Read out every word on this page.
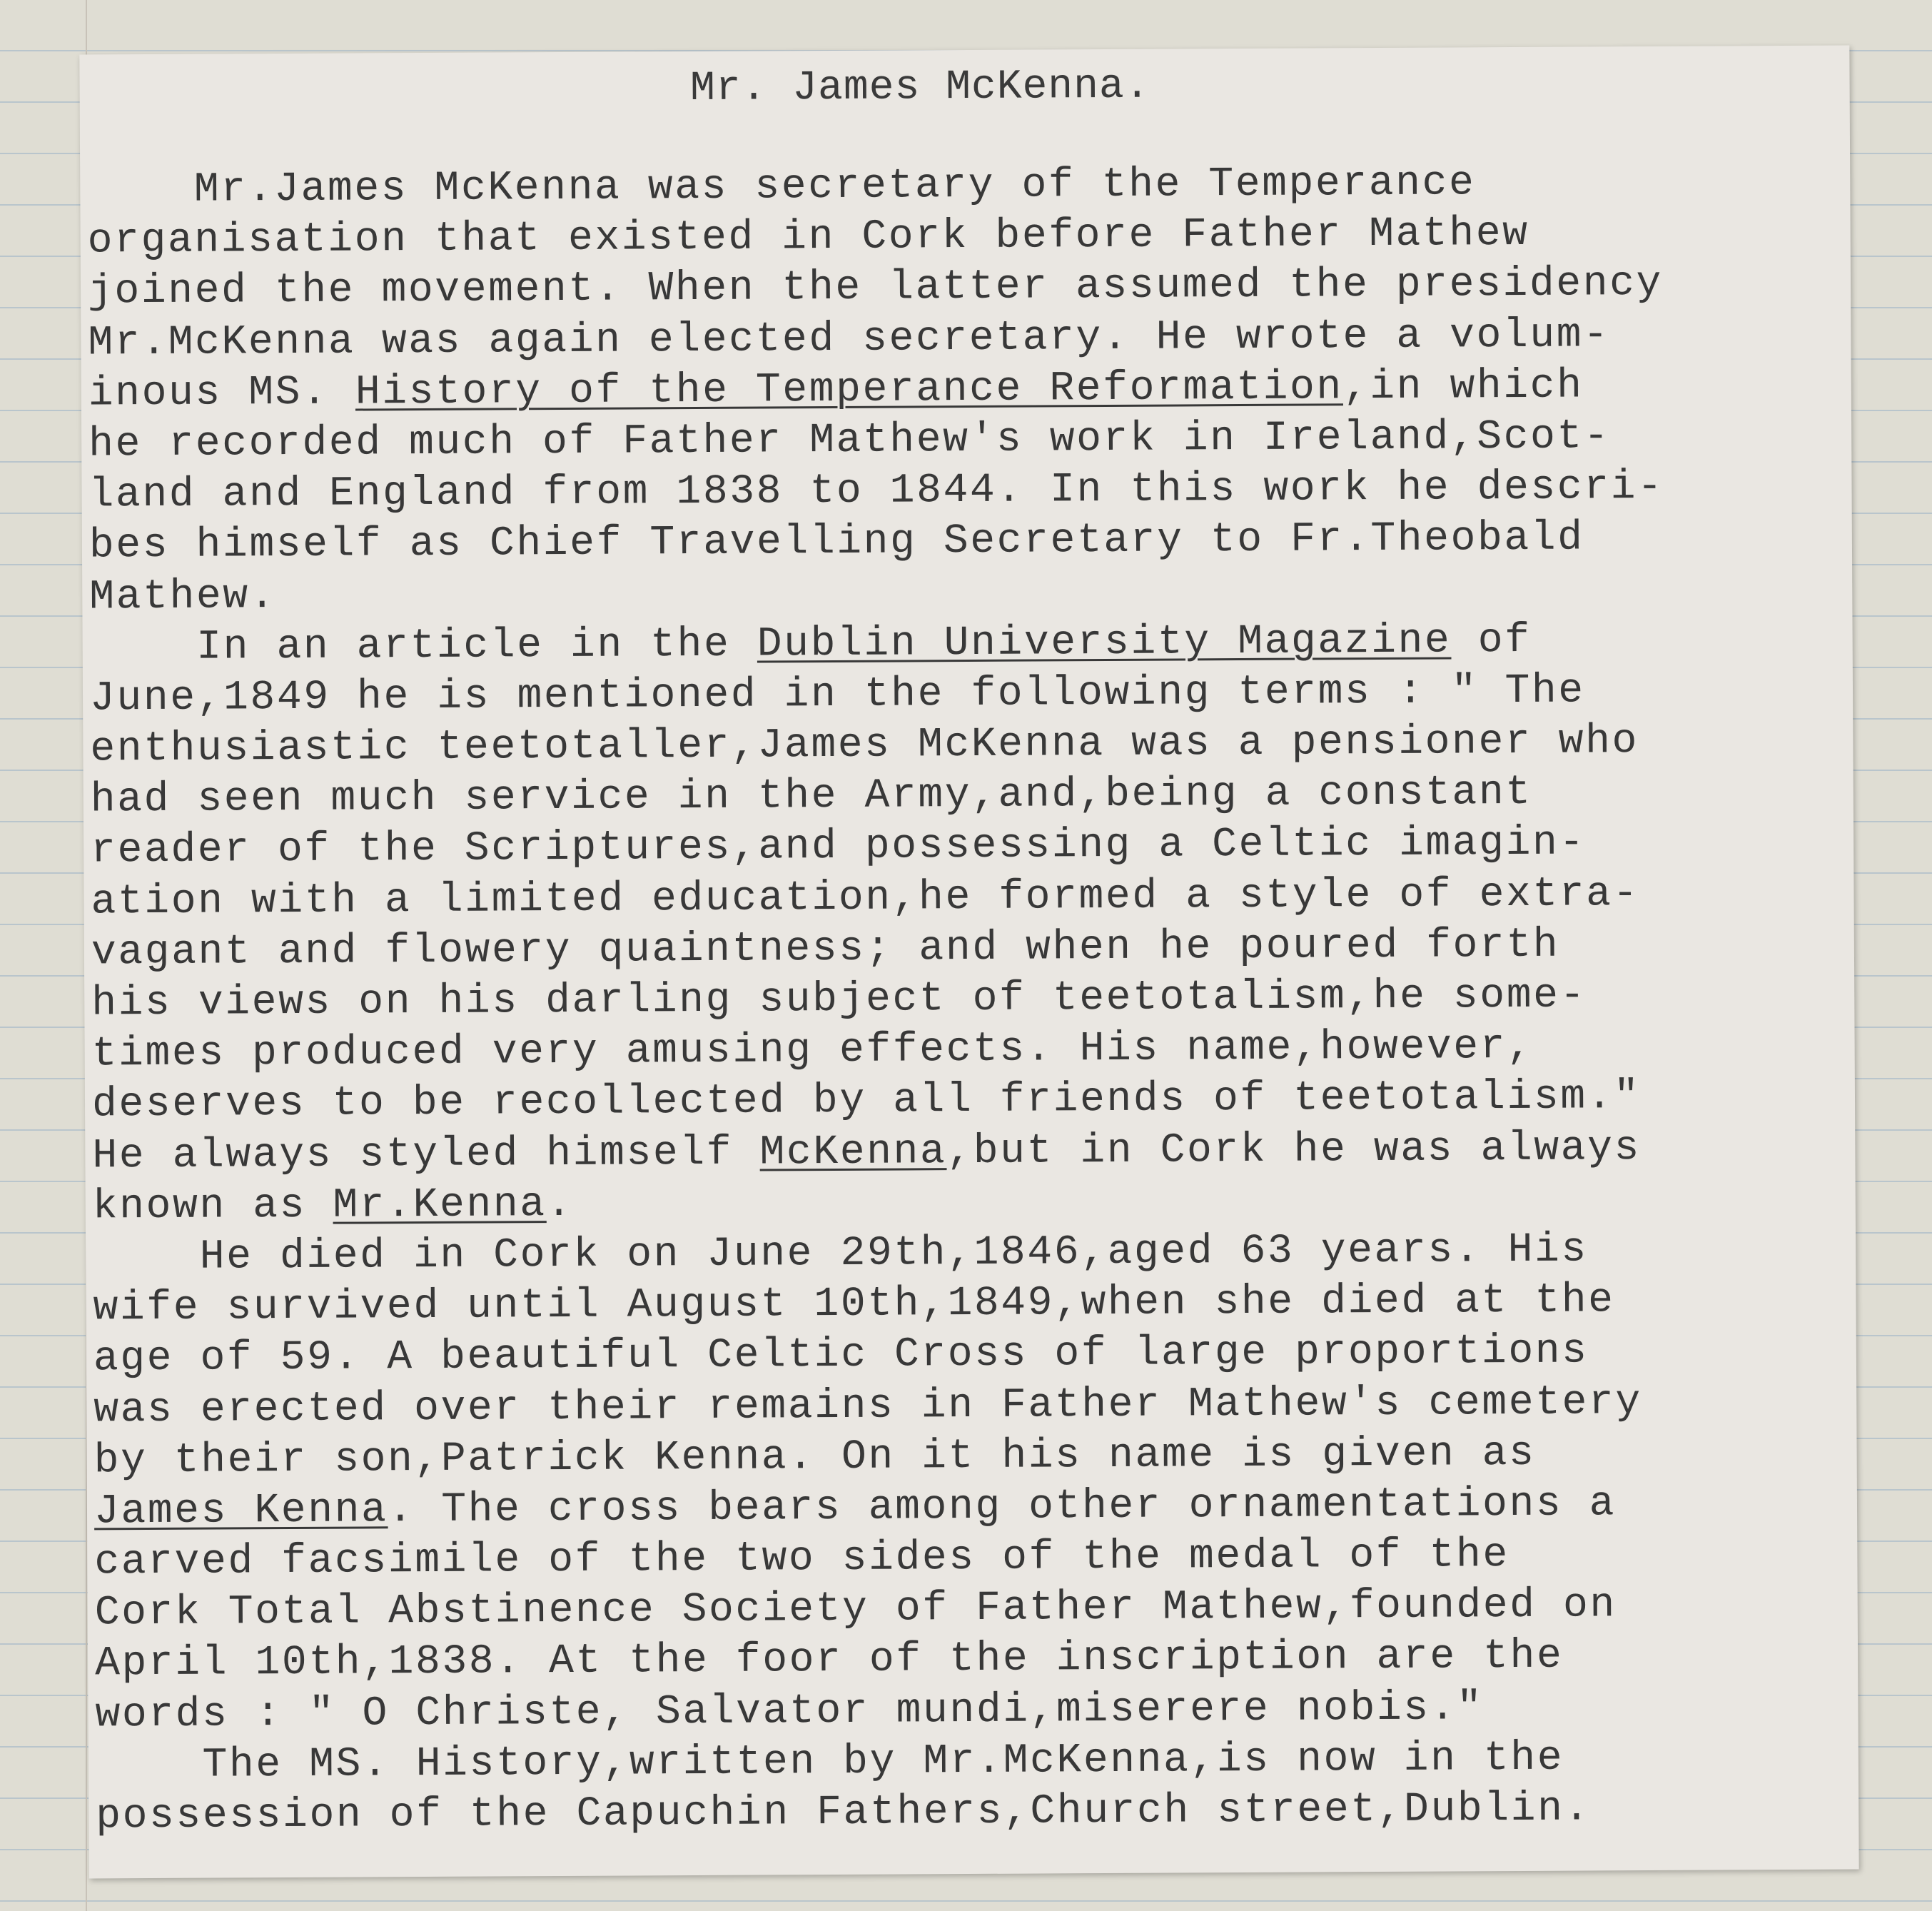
Mr. James McKenna.
Mr.James McKenna was secretary of the Temperance
organisation that existed in Cork before Father Mathew
joined the movement. When the latter assumed the presidency
Mr.McKenna was again elected secretary. He wrote a volum-
inous MS. History of the Temperance Reformation,in which
he recorded much of Father Mathew's work in Ireland,Scot-
land and England from 1838 to 1844. In this work he descri-
bes himself as Chief Travelling Secretary to Fr.Theobald
Mathew.
In an article in the Dublin University Magazine of
June,1849 he is mentioned in the following terms : " The
enthusiastic teetotaller,James McKenna was a pensioner who
had seen much service in the Army,and,being a constant
reader of the Scriptures,and possessing a Celtic imagin-
ation with a limited education,he formed a style of extra-
vagant and flowery quaintness; and when he poured forth
his views on his darling subject of teetotalism,he some-
times produced very amusing effects. His name,however,
deserves to be recollected by all friends of teetotalism."
He always styled himself McKenna,but in Cork he was always
known as Mr.Kenna.
He died in Cork on June 29th,1846,aged 63 years. His
wife survived until August 10th,1849,when she died at the
age of 59. A beautiful Celtic Cross of large proportions
was erected over their remains in Father Mathew's cemetery
by their son,Patrick Kenna. On it his name is given as
James Kenna. The cross bears among other ornamentations a
carved facsimile of the two sides of the medal of the
Cork Total Abstinence Society of Father Mathew,founded on
April 10th,1838. At the foor of the inscription are the
words : " O Christe, Salvator mundi,miserere nobis."
The MS. History,written by Mr.McKenna,is now in the
possession of the Capuchin Fathers,Church street,Dublin.
